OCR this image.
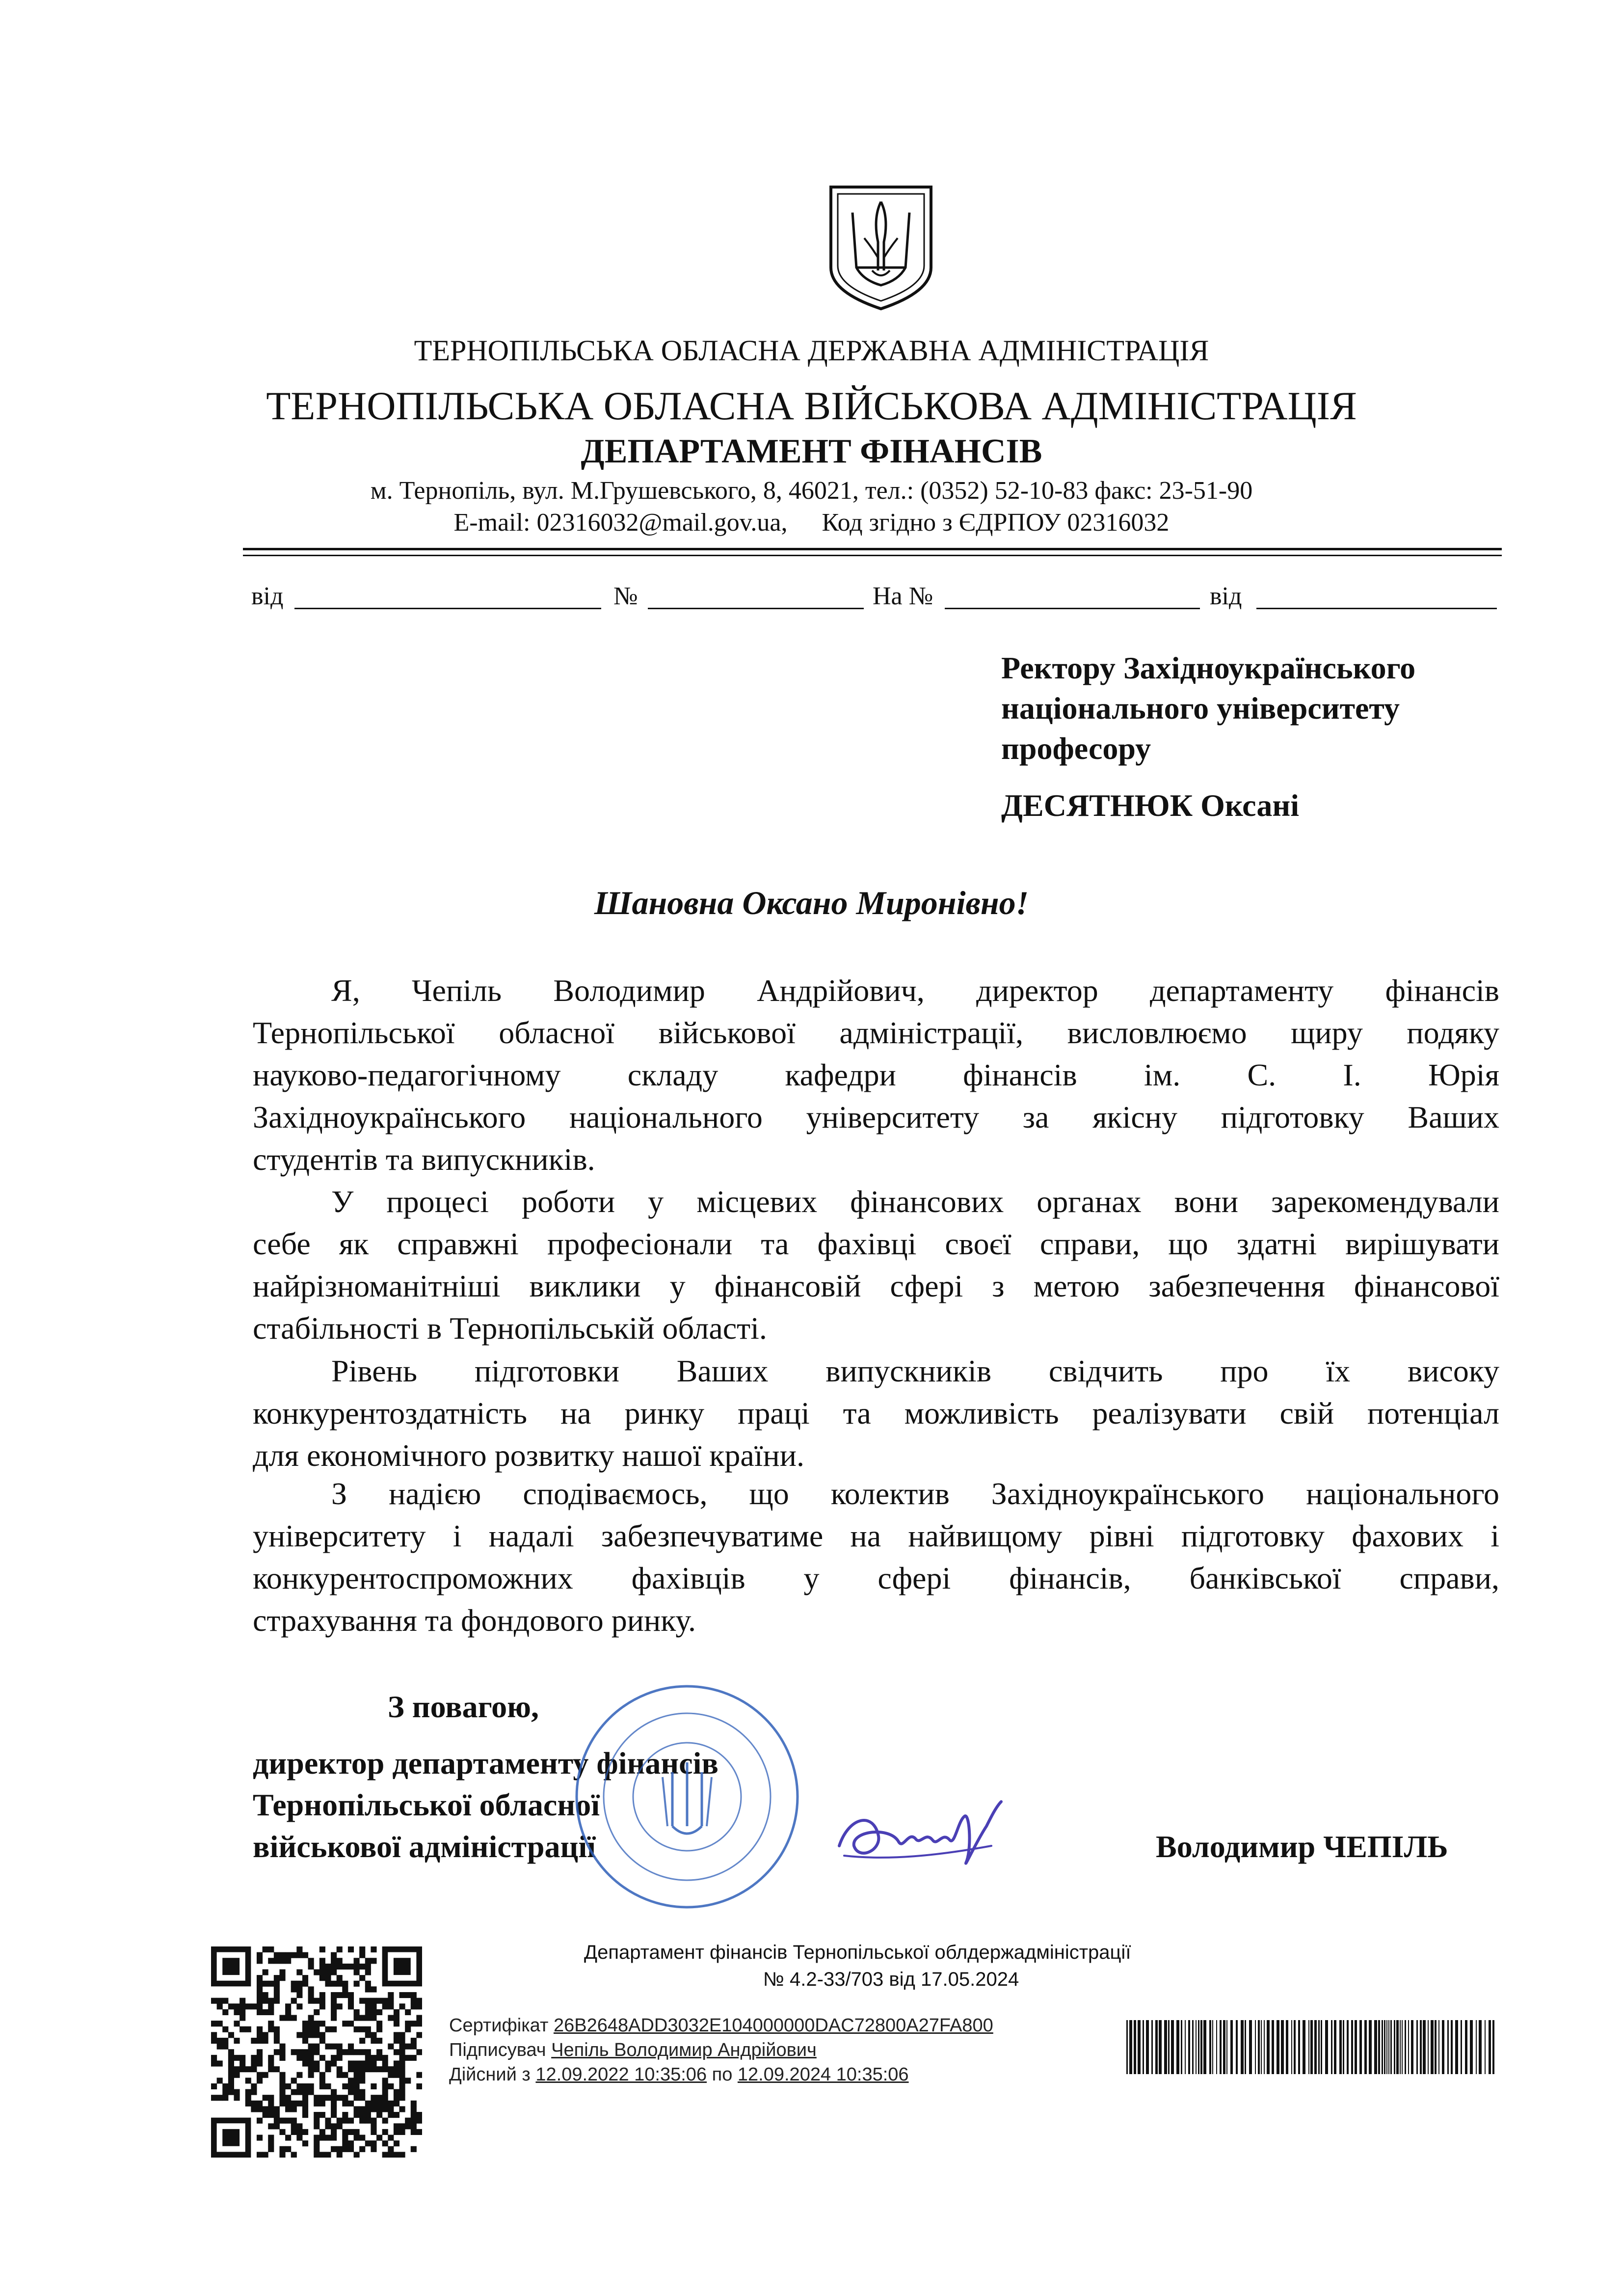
ТЕРНОПІЛЬСЬКА ОБЛАСНА ДЕРЖАВНА АДМІНІСТРАЦІЯ
ТЕРНОПІЛЬСЬКА ОБЛАСНА ВІЙСЬКОВА АДМІНІСТРАЦІЯ
ДЕПАРТАМЕНТ ФІНАНСІВ
м. Тернопіль, вул. М.Грушевського, 8, 46021, тел.: (0352) 52-10-83 факс: 23-51-90
E-mail: 02316032@mail.gov.ua, Код згідно з ЄДРПОУ 02316032
від	№	На №	від
Ректору Західноукраїнського
національного університету
професору
ДЕСЯТНЮК Оксані
Шановна Оксано Миронівно!
Я, Чепіль Володимир Андрійович, директор департаменту фінансів
Тернопільської обласної військової адміністрації, висловлюємо щиру подяку
науково-педагогічному складу кафедри фінансів ім. С. І. Юрія
Західноукраїнського національного університету за якісну підготовку Ваших
студентів та випускників.
У процесі роботи у місцевих фінансових органах вони зарекомендували
себе як справжні професіонали та фахівці своєї справи, що здатні вирішувати
найрізноманітніші виклики у фінансовій сфері з метою забезпечення фінансової
стабільності в Тернопільській області.
Рівень підготовки Ваших випускників свідчить про їх високу
конкурентоздатність на ринку праці та можливість реалізувати свій потенціал
для економічного розвитку нашої країни.
З надією сподіваємось, що колектив Західноукраїнського національного
університету і надалі забезпечуватиме на найвищому рівні підготовку фахових і
конкурентоспроможних фахівців у сфері фінансів, банківської справи,
страхування та фондового ринку.
З повагою,
директор департаменту фінансів
Тернопільської обласної
військової адміністрації	Володимир ЧЕПІЛЬ
Департамент фінансів Тернопільської облдержадміністрації
№ 4.2-33/703 від 17.05.2024
Сертифікат 26B2648ADD3032E104000000DAC72800A27FA800
Підписувач Чепіль Володимир Андрійович
Дійсний з 12.09.2022 10:35:06 по 12.09.2024 10:35:06
